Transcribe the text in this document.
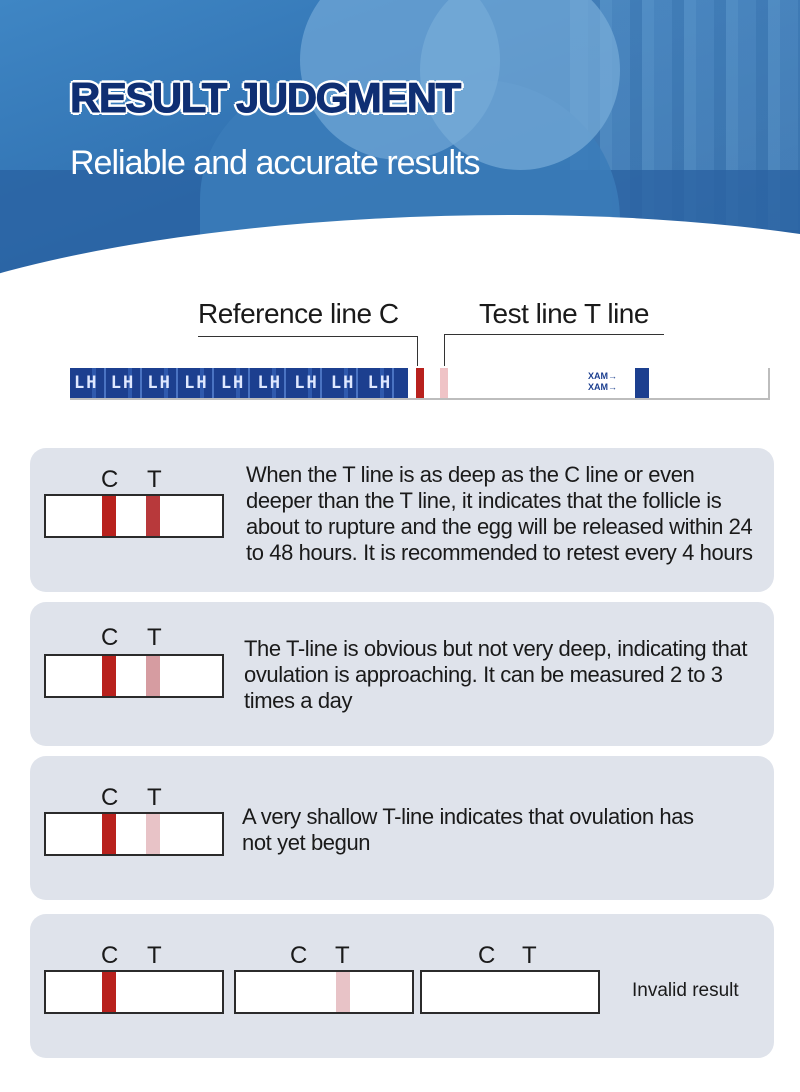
RESULT JUDGMENT
Reliable and accurate results
Reference line C	Test line T line
LH LH LH LH LH LH LH LH LH	XAM→
XAM→
C T	When the T line is as deep as the C line or even deeper than the T line, it indicates that the follicle is about to rupture and the egg will be released within 24 to 48 hours. It is recommended to retest every 4 hours

C T	The T-line is obvious but not very deep, indicating that ovulation is approaching. It can be measured 2 to 3 times a day

C T

A very shallow T-line indicates that ovulation has not yet begun

C T	C T	C T
Invalid result
